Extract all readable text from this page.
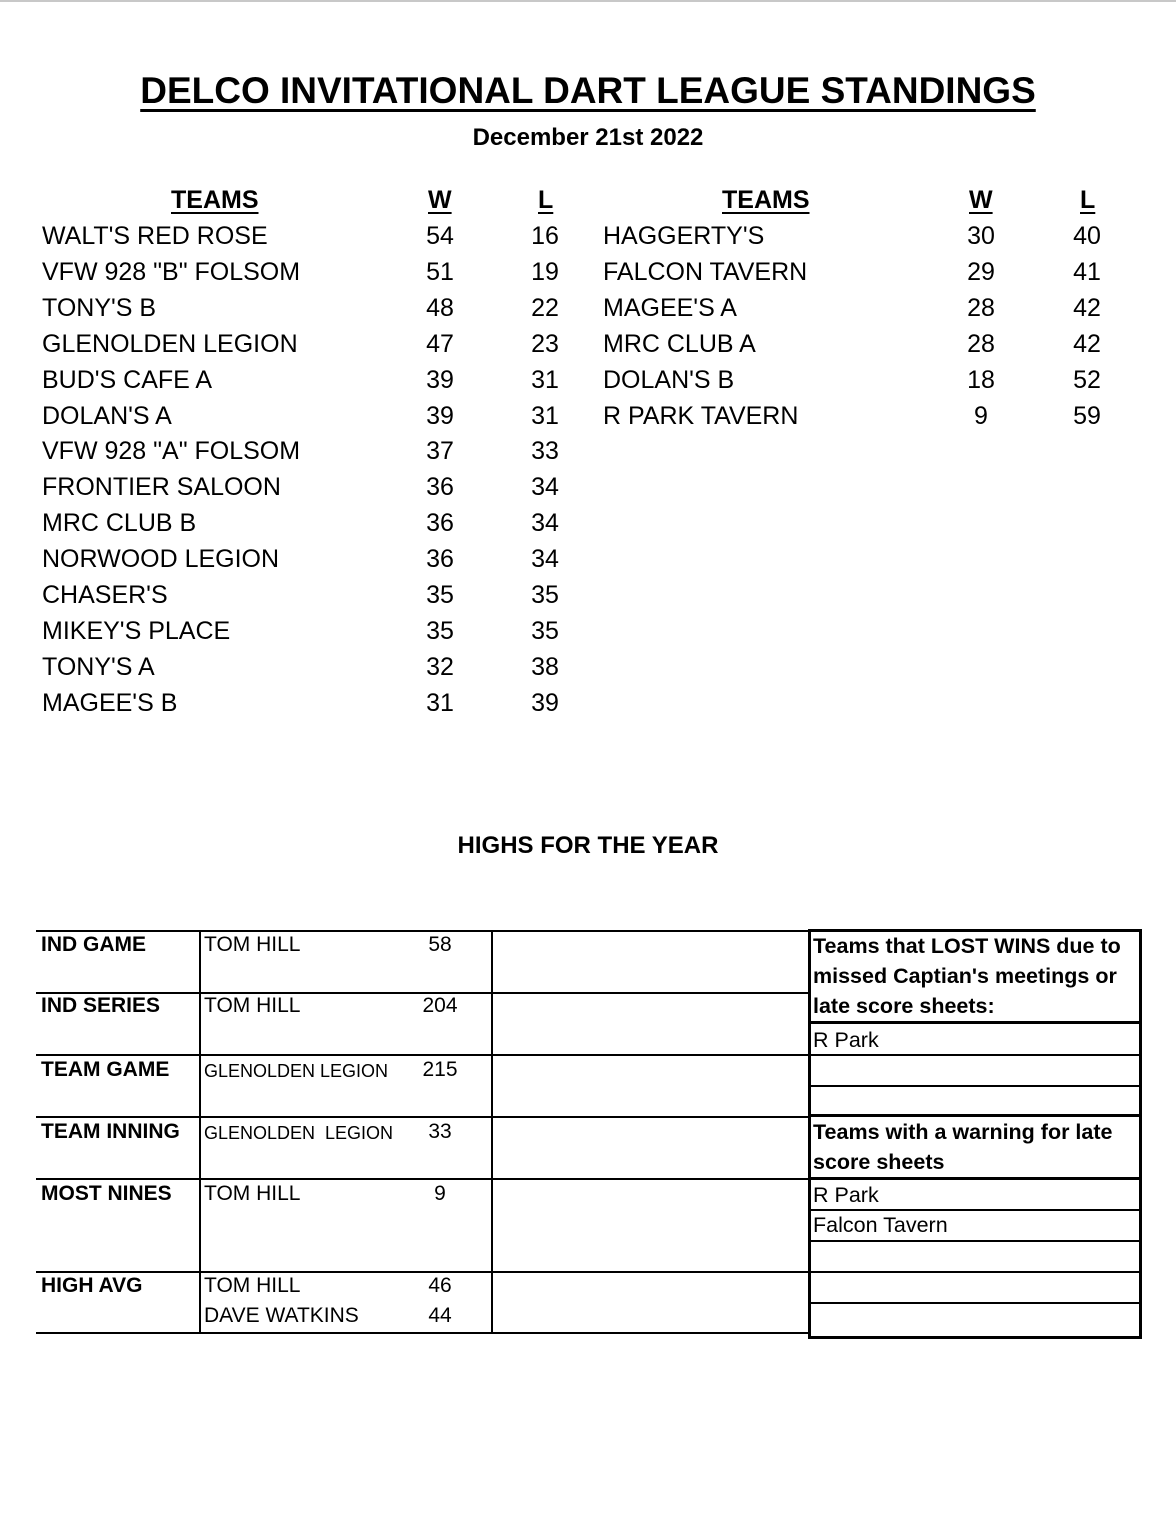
DELCO INVITATIONAL DART LEAGUE STANDINGS
December 21st 2022
TEAMS	W	L	TEAMS	W	L
WALT'S RED ROSE	54	16
VFW 928 "B" FOLSOM	51	19
TONY'S B	48	22
GLENOLDEN LEGION	47	23
BUD'S CAFE A	39	31
DOLAN'S A	39	31
VFW 928 "A" FOLSOM	37	33
FRONTIER SALOON	36	34
MRC CLUB B	36	34
NORWOOD LEGION	36	34
CHASER'S	35	35
MIKEY'S PLACE	35	35
TONY'S A	32	38
MAGEE'S B	31	39
HAGGERTY'S	30	40
FALCON TAVERN	29	41
MAGEE'S A	28	42
MRC CLUB A	28	42
DOLAN'S B	18	52
R PARK TAVERN	9	59
HIGHS FOR THE YEAR
IND GAME	TOM HILL	58
IND SERIES TOM HILL	204
TEAM GAME GLENOLDEN LEGION	215
TEAM INNING GLENOLDEN  LEGION	33
MOST NINES TOM HILL	9
HIGH AVG	TOM HILL	46
DAVE WATKINS	44
Teams that LOST WINS due to missed Captian's meetings or late score sheets:
R Park
Teams with a warning for late score sheets
R Park
Falcon Tavern
